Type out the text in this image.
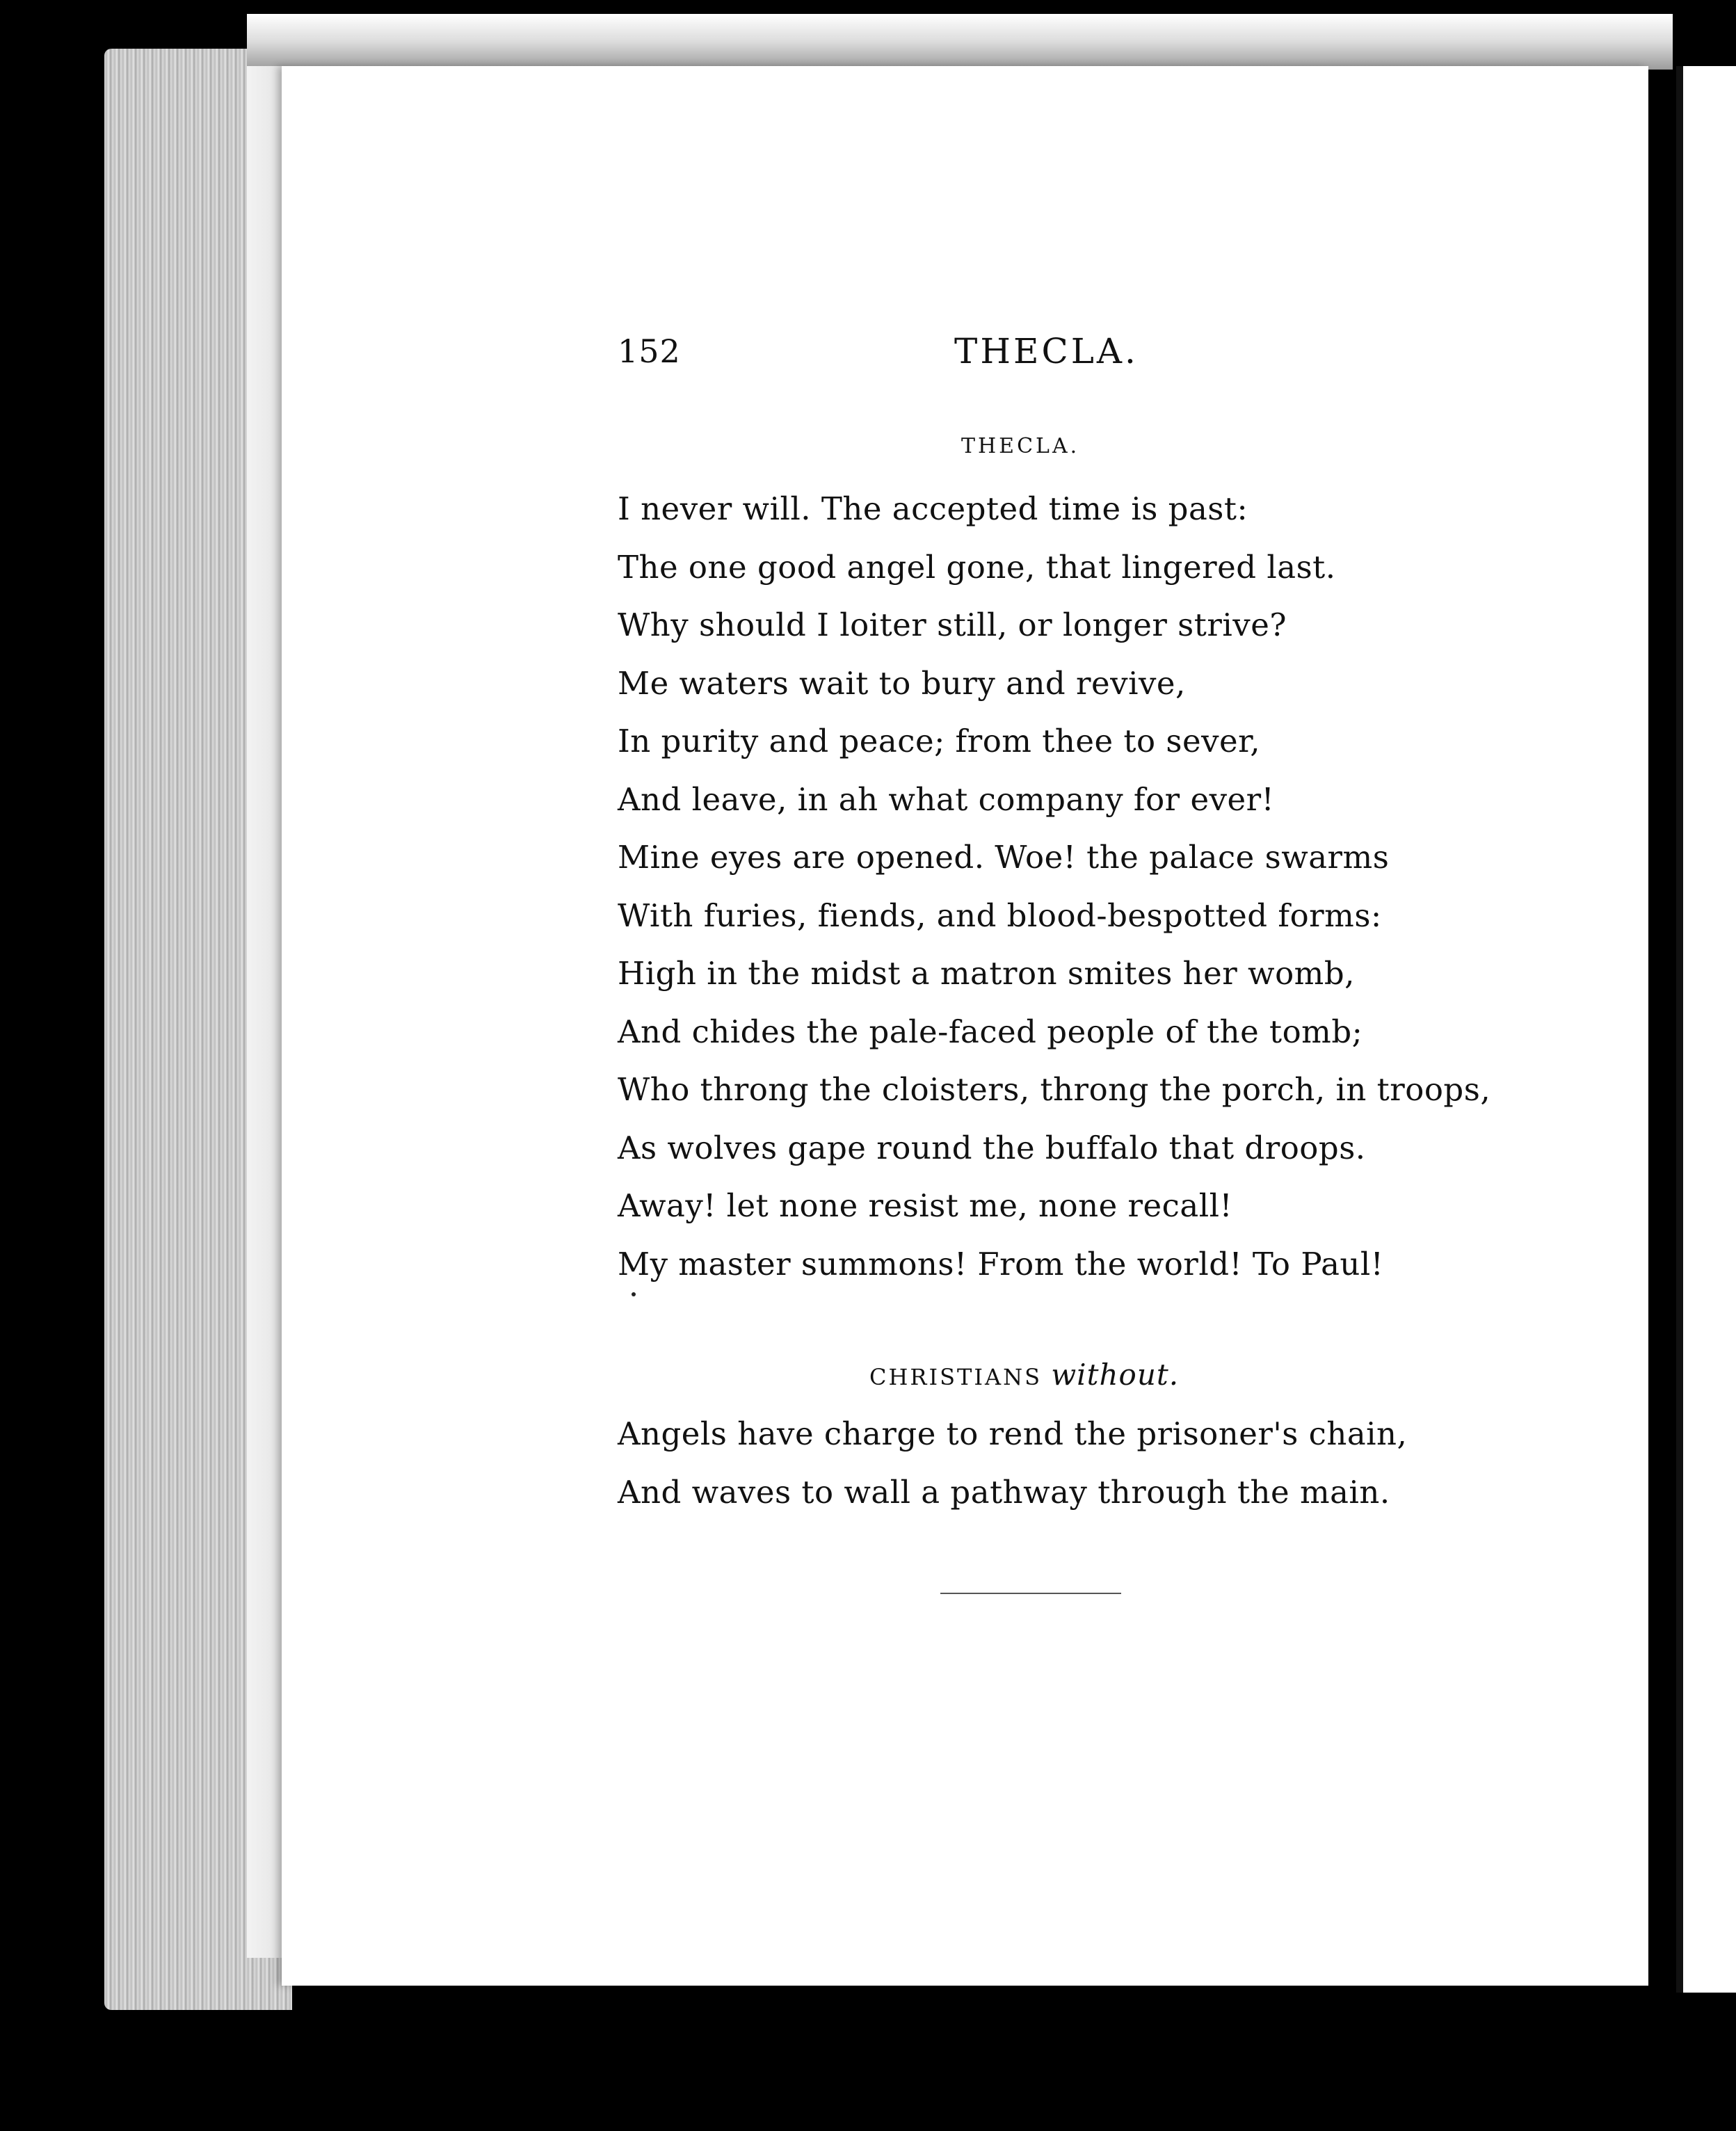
152	THECLA.
THECLA.
I never will. The accepted time is past:
The one good angel gone, that lingered last.
Why should I loiter still, or longer strive?
Me waters wait to bury and revive,
In purity and peace; from thee to sever,
And leave, in ah what company for ever!
Mine eyes are opened. Woe! the palace swarms
With furies, fiends, and blood-bespotted forms:
High in the midst a matron smites her womb,
And chides the pale-faced people of the tomb;
Who throng the cloisters, throng the porch, in troops,
As wolves gape round the buffalo that droops.
Away! let none resist me, none recall!
My master summons! From the world! To Paul!
CHRISTIANS without.
Angels have charge to rend the prisoner's chain,
And waves to wall a pathway through the main.
